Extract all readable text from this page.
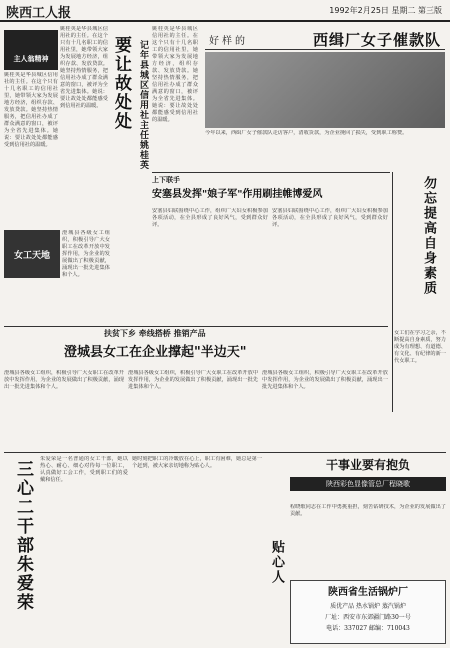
陕西工人报	1992年2月25日 星期二 第三版
主人翁精神
姚桂英是华县城区信用社的主任。在这个只有十几名职工的信用社里，她带领大家为发展地方经济，组织存款、发放贷款。她坚持热情服务，把信用社办成了群众满意的窗口，被评为全省先进集体。她说：要让故处处都能感受到信用社的温暖。
姚桂英是华县城区信用社的主任。在这个只有十几名职工的信用社里，她带领大家为发展地方经济，组织存款、发放贷款。她坚持热情服务，把信用社办成了群众满意的窗口，被评为全省先进集体。她说：要让故处处都能感受到信用社的温暖。
要让故处处 记年县城区信用社主任姚桂英
姚桂英是华县城区信用社的主任。在这个只有十几名职工的信用社里，她带领大家为发展地方经济，组织存款、发放贷款。她坚持热情服务，把信用社办成了群众满意的窗口，被评为全省先进集体。她说：要让故处处都能感受到信用社的温暖。
好样的	西缉厂女子催款队
今年以来，西缉厂女子催款队走访客户，清收货款，为企业挽回了损失，受到职工称赞。
上下联手
安塞县发挥"娘子军"作用刷挂帷博爱风
安塞县妇联围绕中心工作，组织广大妇女积极参加各项活动，在全县形成了良好风气，受到群众好评。
安塞县妇联围绕中心工作，组织广大妇女积极参加各项活动，在全县形成了良好风气，受到群众好评。	勿忘提高自身素质
女工们在学习之余，不断提高自身素质，努力成为有理想、有道德、有文化、有纪律的新一代女职工。
女工天地
澄城县各级女工组织，积极引导广大女职工在改革开放中发挥作用，为企业的发展做出了积极贡献，涌现出一批先进集体和个人。
扶贫下乡 牵线搭桥 推销产品
澄城县女工在企业撑起"半边天"
澄城县各级女工组织，积极引导广大女职工在改革开放中发挥作用，为企业的发展做出了积极贡献，涌现出一批先进集体和个人。
澄城县各级女工组织，积极引导广大女职工在改革开放中发挥作用，为企业的发展做出了积极贡献，涌现出一批先进集体和个人。
澄城县各级女工组织，积极引导广大女职工在改革开放中发挥作用，为企业的发展做出了积极贡献，涌现出一批先进集体和个人。
三心二干部朱爱荣
朱爱荣是一名普通的女工干部，她以热心、耐心、细心对待每一位职工，认真做好工会工作，受到职工们的爱戴和信任。
她时刻把职工的冷暖放在心上，职工有困难，她总是第一个赶到，被大家亲切地称为贴心人。
贴心人
干事业要有抱负
陕西彩色显像管总厂程晓歌
程晓歌同志在工作中勇挑重担，刻苦钻研技术，为企业的发展做出了贡献。
陕西省生活锅炉厂
质优产品 热水锅炉 蒸汽锅炉
厂址：西安市东郊疆门路30一号
电话：337027 邮编：710043
